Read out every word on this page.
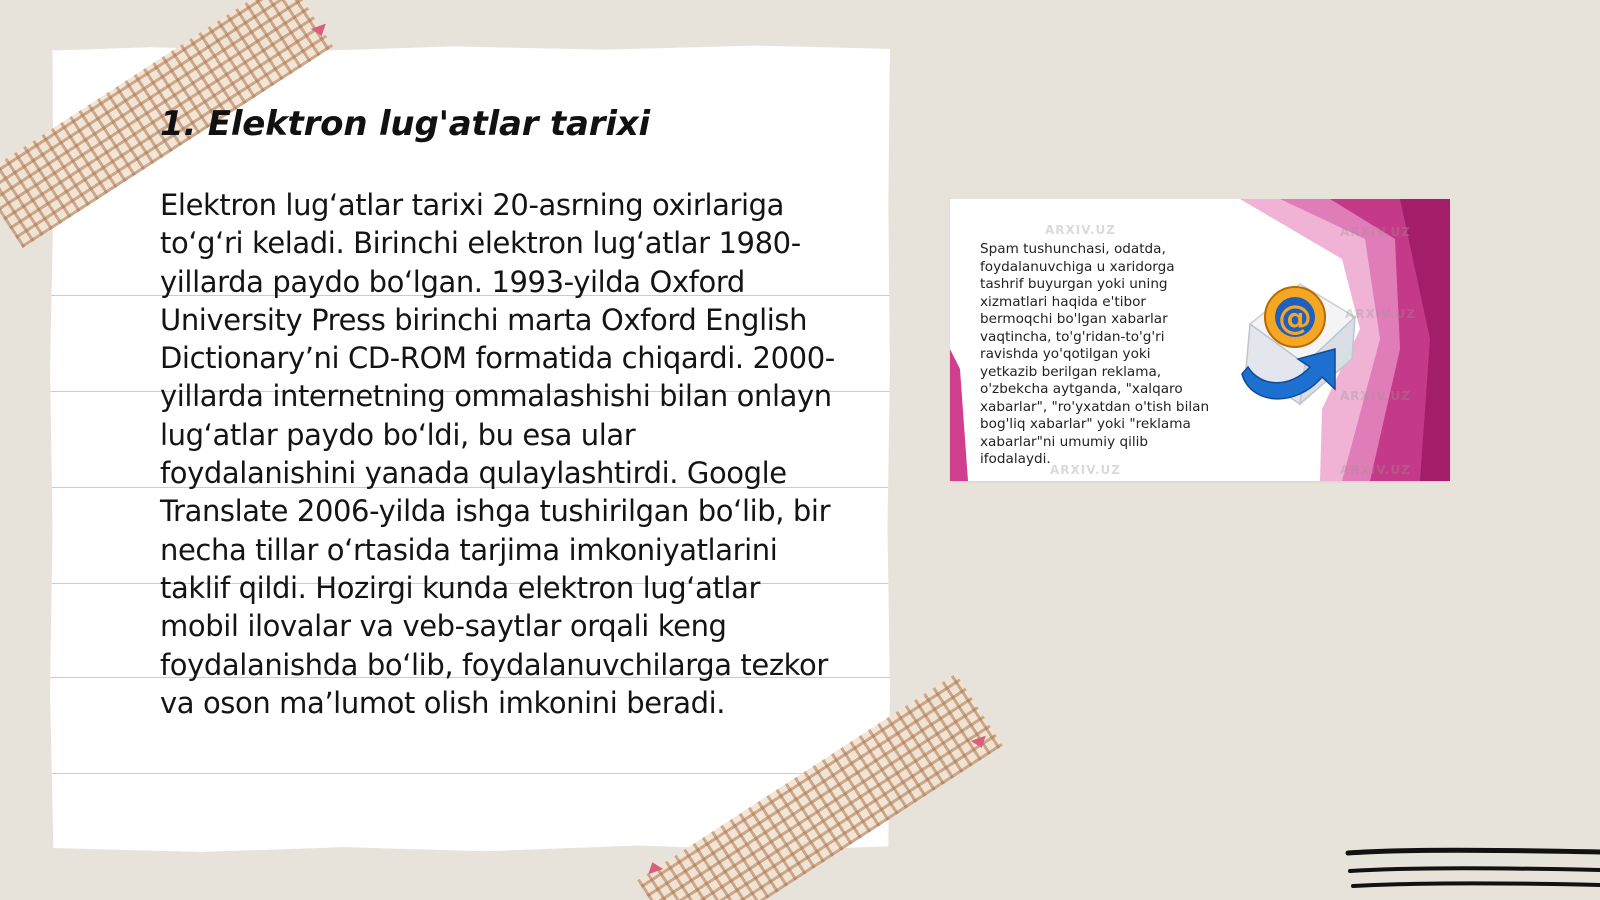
1. Elektron lug'atlar tarixi

Elektron lug‘atlar tarixi 20-asrning oxirlariga to‘g‘ri keladi. Birinchi elektron lug‘atlar 1980-yillarda paydo bo‘lgan. 1993-yilda Oxford University Press birinchi marta Oxford English Dictionary’ni CD-ROM formatida chiqardi. 2000-yillarda internetning ommalashishi bilan onlayn lug‘atlar paydo bo‘ldi, bu esa ular foydalanishini yanada qulaylashtirdi. Google Translate 2006-yilda ishga tushirilgan bo‘lib, bir necha tillar o‘rtasida tarjima imkoniyatlarini taklif qildi. Hozirgi kunda elektron lug‘atlar mobil ilovalar va veb-saytlar orqali keng foydalanishda bo‘lib, foydalanuvchilarga tezkor va oson ma’lumot olish imkonini beradi.

@
ARXIV.UZ	ARXIV.UZ
ARXIV.UZ
ARXIV.UZ
ARXIV.UZ	ARXIV.UZ

Spam tushunchasi, odatda, foydalanuvchiga u xaridorga tashrif buyurgan yoki uning xizmatlari haqida e'tibor bermoqchi bo'lgan xabarlar vaqtincha, to'g'ridan-to'g'ri ravishda yo'qotilgan yoki yetkazib berilgan reklama, o'zbekcha aytganda, "xalqaro xabarlar", "ro'yxatdan o'tish bilan bog'liq xabarlar" yoki "reklama xabarlar"ni umumiy qilib ifodalaydi.
